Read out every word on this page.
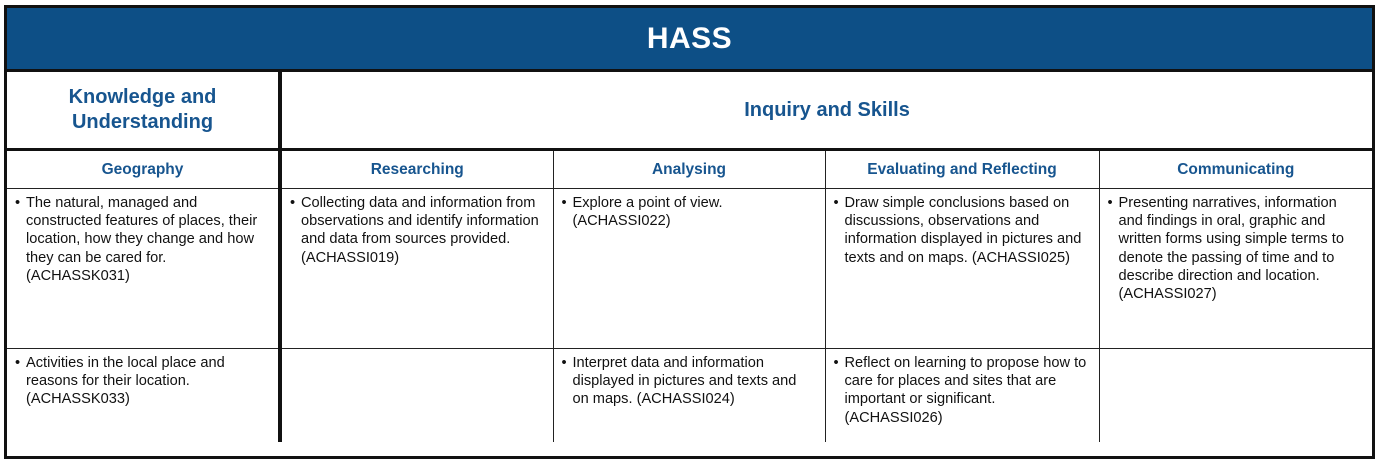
HASS				

Knowledge and Understanding	Inquiry and Skills			
Geography	Researching	Analysing	Evaluating and Reflecting	Communicating

• The natural, managed and constructed features of places, their location, how they change and how they can be cared for. (ACHASSK031)	• Collecting data and information from observations and identify information and data from sources provided. (ACHASSI019)	• Explore a point of view. (ACHASSI022)	• Draw simple conclusions based on discussions, observations and information displayed in pictures and texts and on maps. (ACHASSI025)	• Presenting narratives, information and findings in oral, graphic and written forms using simple terms to denote the passing of time and to describe direction and location. (ACHASSI027)

• Activities in the local place and reasons for their location. (ACHASSK033)		• Interpret data and information displayed in pictures and texts and on maps. (ACHASSI024)	• Reflect on learning to propose how to care for places and sites that are important or significant. (ACHASSI026)	
